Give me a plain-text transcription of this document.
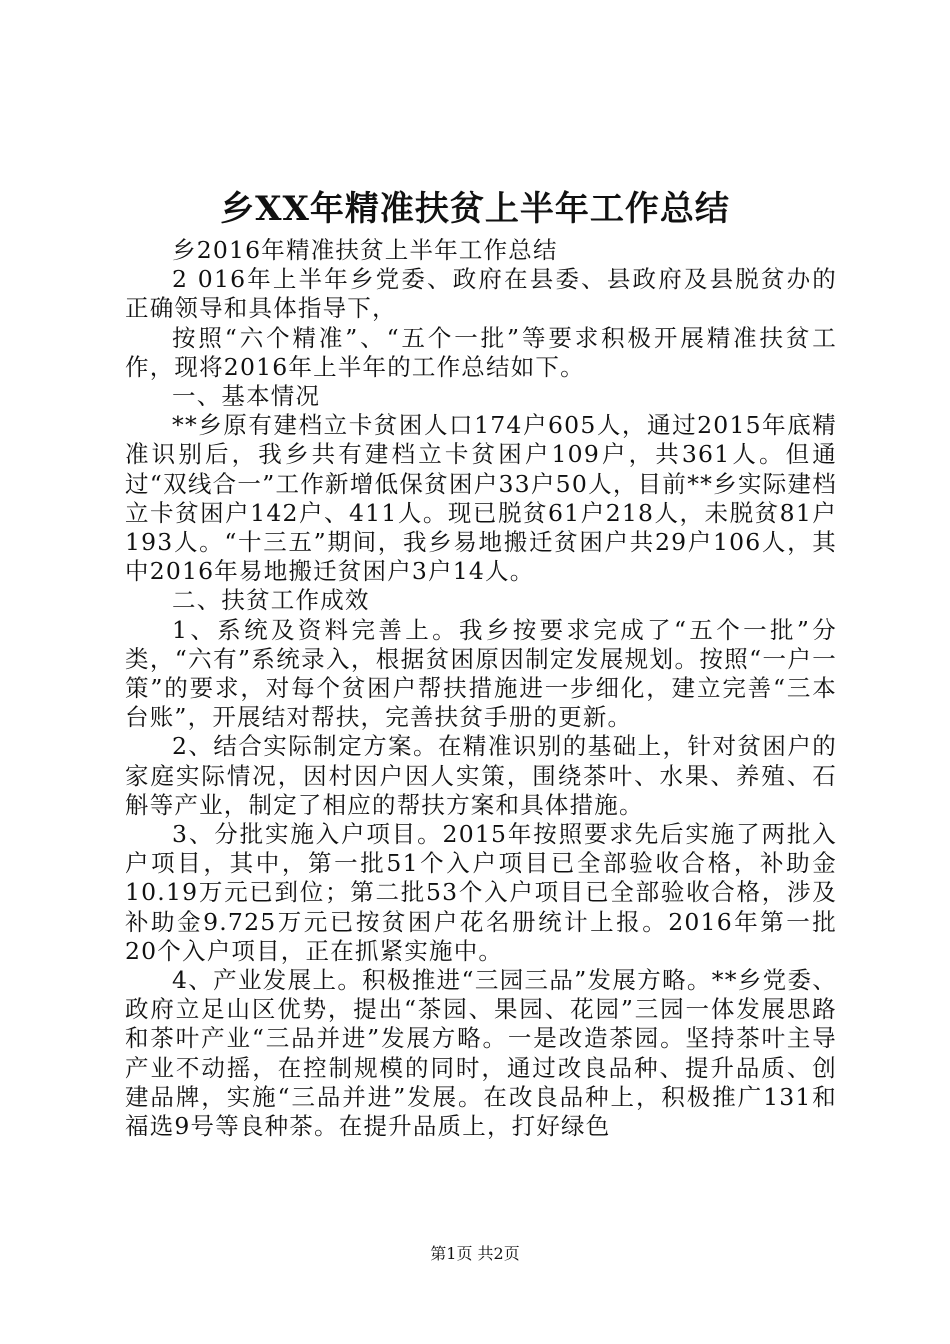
乡XX年精准扶贫上半年工作总结

乡2016年精准扶贫上半年工作总结

2 016年上半年乡党委、政府在县委、县政府及县脱贫办的正确领导和具体指导下，

按照“六个精准”、“五个一批”等要求积极开展精准扶贫工作，现将2016年上半年的工作总结如下。

一、基本情况

**乡原有建档立卡贫困人口174户605人，通过2015年底精准识别后，我乡共有建档立卡贫困户109户，共361人。但通过“双线合一”工作新增低保贫困户33户50人，目前**乡实际建档立卡贫困户142户、411人。现已脱贫61户218人，未脱贫81户193人。“十三五”期间，我乡易地搬迁贫困户共29户106人，其中2016年易地搬迁贫困户3户14人。

二、扶贫工作成效

1、系统及资料完善上。我乡按要求完成了“五个一批”分类，“六有”系统录入，根据贫困原因制定发展规划。按照“一户一策”的要求，对每个贫困户帮扶措施进一步细化，建立完善“三本台账”，开展结对帮扶，完善扶贫手册的更新。

2、结合实际制定方案。在精准识别的基础上，针对贫困户的家庭实际情况，因村因户因人实策，围绕茶叶、水果、养殖、石斛等产业，制定了相应的帮扶方案和具体措施。

3、分批实施入户项目。2015年按照要求先后实施了两批入户项目，其中，第一批51个入户项目已全部验收合格，补助金10.19万元已到位；第二批53个入户项目已全部验收合格，涉及补助金9.725万元已按贫困户花名册统计上报。2016年第一批20个入户项目，正在抓紧实施中。

4、产业发展上。积极推进“三园三品”发展方略。**乡党委、政府立足山区优势，提出“茶园、果园、花园”三园一体发展思路和茶叶产业“三品并进”发展方略。一是改造茶园。坚持茶叶主导产业不动摇，在控制规模的同时，通过改良品种、提升品质、创建品牌，实施“三品并进”发展。在改良品种上，积极推广131和福选9号等良种茶。在提升品质上，打好绿色

第1页 共2页
